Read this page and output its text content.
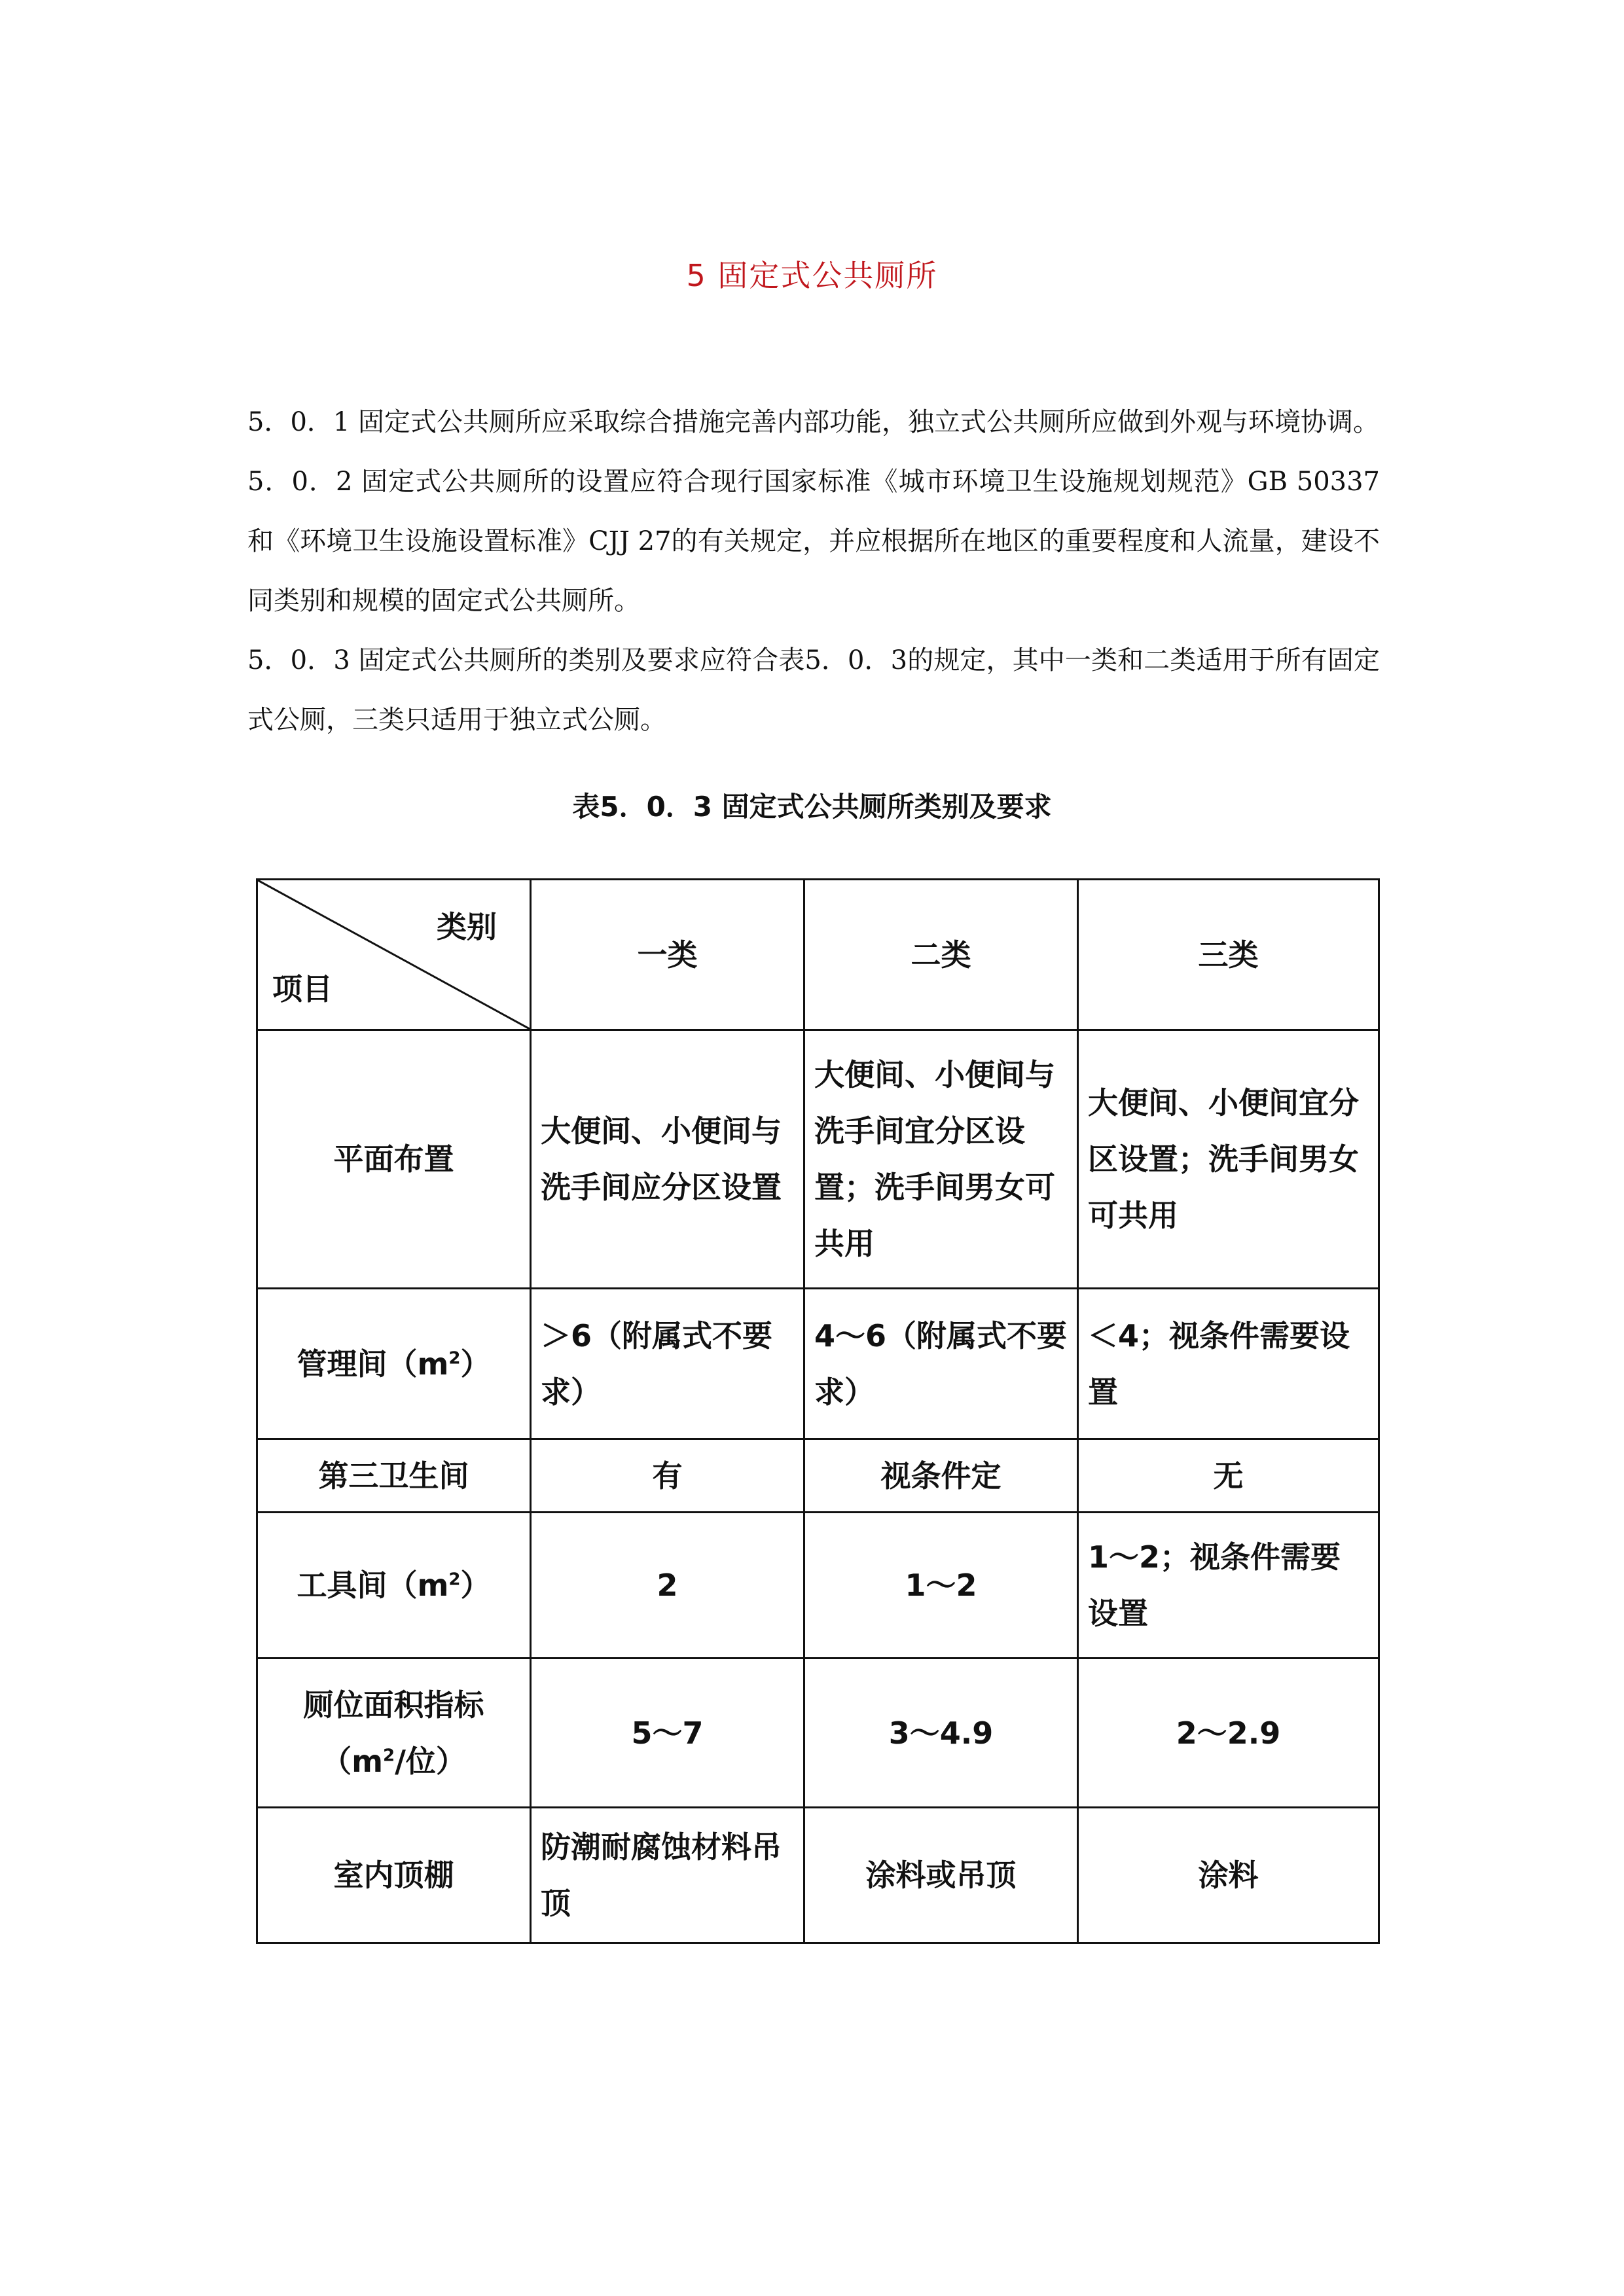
5 固定式公共厕所

5．0．1 固定式公共厕所应采取综合措施完善内部功能，独立式公共厕所应做到外观与环境协调。

5．0．2 固定式公共厕所的设置应符合现行国家标准《城市环境卫生设施规划规范》GB 50337和《环境卫生设施设置标准》CJJ 27的有关规定，并应根据所在地区的重要程度和人流量，建设不同类别和规模的固定式公共厕所。

5．0．3 固定式公共厕所的类别及要求应符合表5．0．3的规定，其中一类和二类适用于所有固定式公厕，三类只适用于独立式公厕。

表5．0．3 固定式公共厕所类别及要求
类别
项目	一类	二类	三类
平面布置	大便间、小便间与洗手间应分区设置	大便间、小便间与洗手间宜分区设置；洗手间男女可共用	大便间、小便间宜分区设置；洗手间男女可共用
管理间$(m^2)$	＞6（附属式不要求）	4～6（附属式不要求）	＜4；视条件需要设置
第三卫生间	有	视条件定	无
工具间$(m^2)$	2	1～2	1～2；视条件需要设置
厕位面积指标（$m^2/$位）	5～7	3～4.9	2～2.9
室内顶棚	防潮耐腐蚀材料吊顶	涂料或吊顶	涂料
